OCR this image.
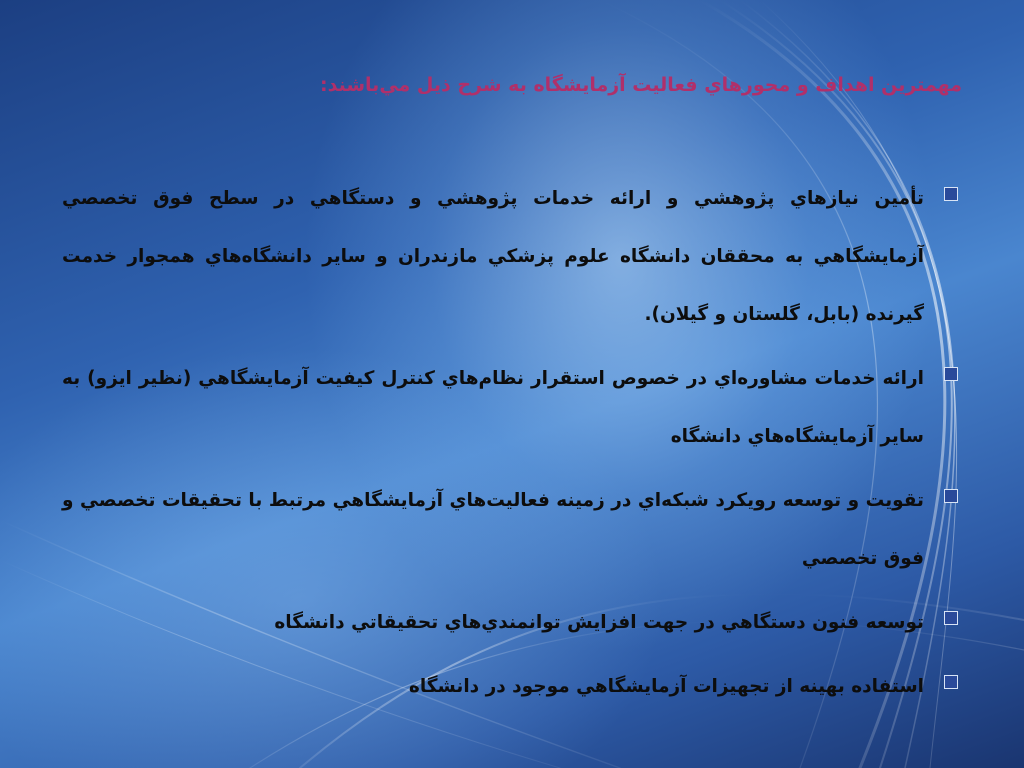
مهمترين اهداف و محورهاي فعاليت آزمايشگاه به شرح ذيل مي‌باشند:
تأمين نيازهاي پژوهشي و ارائه خدمات پژوهشي و دستگاهي در سطح فوق تخصصي آزمايشگاهي به محققان دانشگاه علوم پزشكي مازندران و ساير دانشگاه‌هاي همجوار خدمت گيرنده (بابل، گلستان و گيلان).
ارائه خدمات مشاوره‌اي در خصوص استقرار نظام‌هاي كنترل كيفيت آزمايشگاهي (نظير ايزو) به ساير آزمايشگاه‌هاي دانشگاه
تقويت و توسعه رويكرد شبكه‌اي در زمينه فعاليت‌هاي آزمايشگاهي مرتبط با تحقيقات تخصصي و فوق تخصصي
توسعه فنون دستگاهي در جهت افزايش توانمندي‌هاي تحقيقاتي دانشگاه
استفاده بهينه از تجهيزات آزمايشگاهي موجود در دانشگاه
